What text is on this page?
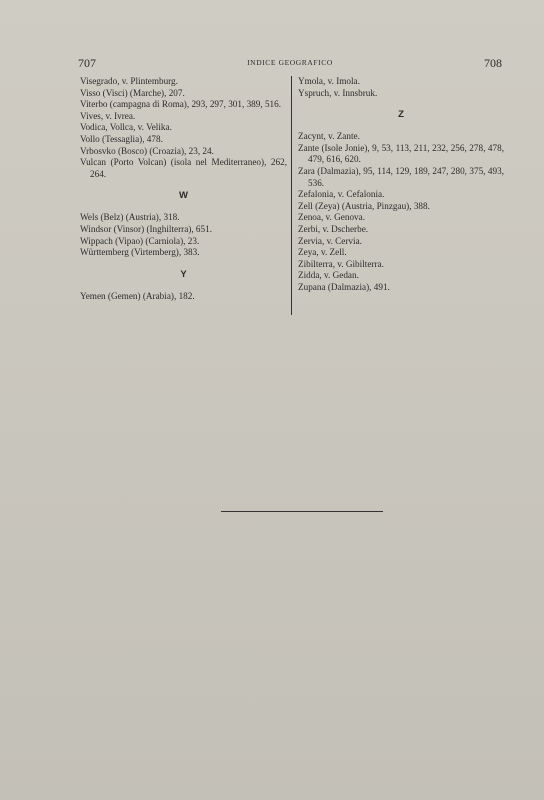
707	INDICE GEOGRAFICO	708
Visegrado, v. Plintemburg.
Visso (Visci) (Marche), 207.
Viterbo (campagna di Roma), 293, 297, 301, 389, 516.
Vives, v. Ivrea.
Vodica, Vollca, v. Velika.
Vollo (Tessaglia), 478.
Vrbosvko (Bosco) (Croazia), 23, 24.
Vulcan (Porto Volcan) (isola nel Mediterraneo), 262, 264.
W
Wels (Belz) (Austria), 318.
Windsor (Vinsor) (Inghilterra), 651.
Wippach (Vipao) (Carniola), 23.
Württemberg (Virtemberg), 383.
Y
Yemen (Gemen) (Arabia), 182.
Ymola, v. Imola.
Yspruch, v. Innsbruk.
Z
Zacynt, v. Zante.
Zante (Isole Jonie), 9, 53, 113, 211, 232, 256, 278, 478, 479, 616, 620.
Zara (Dalmazia), 95, 114, 129, 189, 247, 280, 375, 493, 536.
Zefalonia, v. Cefalonia.
Zell (Zeya) (Austria, Pinzgau), 388.
Zenoa, v. Genova.
Zerbi, v. Dscherbe.
Zervia, v. Cervia.
Zeya, v. Zell.
Zibilterra, v. Gibilterra.
Zidda, v. Gedan.
Zupana (Dalmazia), 491.
